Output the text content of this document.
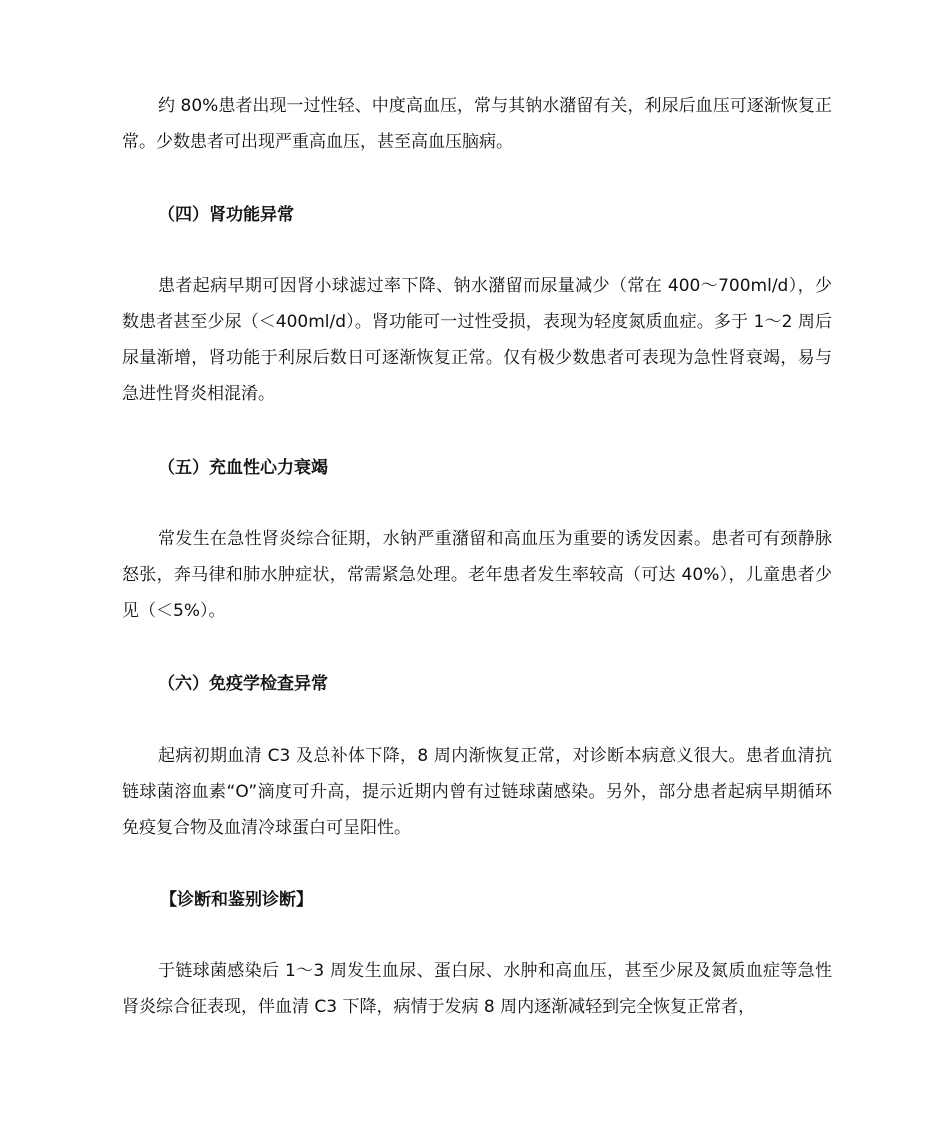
约 80%患者出现一过性轻、中度高血压，常与其钠水潴留有关，利尿后血压可逐渐恢复正常。少数患者可出现严重高血压，甚至高血压脑病。

（四）肾功能异常

患者起病早期可因肾小球滤过率下降、钠水潴留而尿量减少（常在 400～700ml/d），少数患者甚至少尿（＜400ml/d）。肾功能可一过性受损，表现为轻度氮质血症。多于 1～2 周后尿量渐增，肾功能于利尿后数日可逐渐恢复正常。仅有极少数患者可表现为急性肾衰竭，易与急进性肾炎相混淆。

（五）充血性心力衰竭

常发生在急性肾炎综合征期，水钠严重潴留和高血压为重要的诱发因素。患者可有颈静脉怒张，奔马律和肺水肿症状，常需紧急处理。老年患者发生率较高（可达 40%），儿童患者少见（＜5%）。

（六）免疫学检查异常

起病初期血清 C3 及总补体下降，8 周内渐恢复正常，对诊断本病意义很大。患者血清抗链球菌溶血素“O”滴度可升高，提示近期内曾有过链球菌感染。另外，部分患者起病早期循环免疫复合物及血清冷球蛋白可呈阳性。

【诊断和鉴别诊断】

于链球菌感染后 1～3 周发生血尿、蛋白尿、水肿和高血压，甚至少尿及氮质血症等急性肾炎综合征表现，伴血清 C3 下降，病情于发病 8 周内逐渐减轻到完全恢复正常者，
